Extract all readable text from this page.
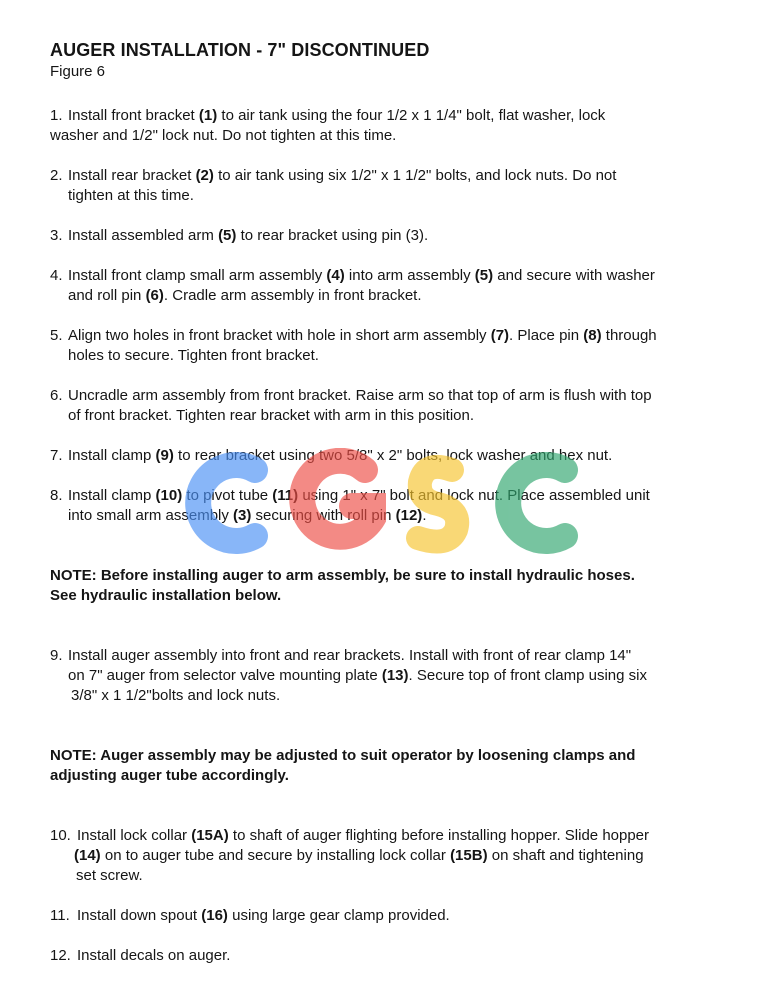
AUGER INSTALLATION - 7" DISCONTINUED
Figure 6

1. Install front bracket (1) to air tank using the four 1/2 x 1 1/4" bolt, flat washer, lock
washer and 1/2" lock nut. Do not tighten at this time.

2. Install rear bracket (2) to air tank using six 1/2" x 1 1/2" bolts, and lock nuts. Do not
tighten at this time.

3. Install assembled arm (5) to rear bracket using pin (3).

4. Install front clamp small arm assembly (4) into arm assembly (5) and secure with washer
and roll pin (6). Cradle arm assembly in front bracket.

5. Align two holes in front bracket with hole in short arm assembly (7). Place pin (8) through
holes to secure. Tighten front bracket.

6. Uncradle arm assembly from front bracket. Raise arm so that top of arm is flush with top
of front bracket. Tighten rear bracket with arm in this position.

7. Install clamp (9) to rear bracket using two 5/8" x 2" bolts, lock washer and hex nut.

8. Install clamp (10) to pivot tube (11) using 1" x 7" bolt and lock nut. Place assembled unit
into small arm assembly (3) securing with roll pin (12).

NOTE: Before installing auger to arm assembly, be sure to install hydraulic hoses.
See hydraulic installation below.

9. Install auger assembly into front and rear brackets. Install with front of rear clamp 14"
on 7" auger from selector valve mounting plate (13). Secure top of front clamp using six
3/8" x 1 1/2"bolts and lock nuts.

NOTE: Auger assembly may be adjusted to suit operator by loosening clamps and
adjusting auger tube accordingly.

10. Install lock collar (15A) to shaft of auger flighting before installing hopper. Slide hopper
(14) on to auger tube and secure by installing lock collar (15B) on shaft and tightening
set screw.

11. Install down spout (16) using large gear clamp provided.

12. Install decals on auger.
